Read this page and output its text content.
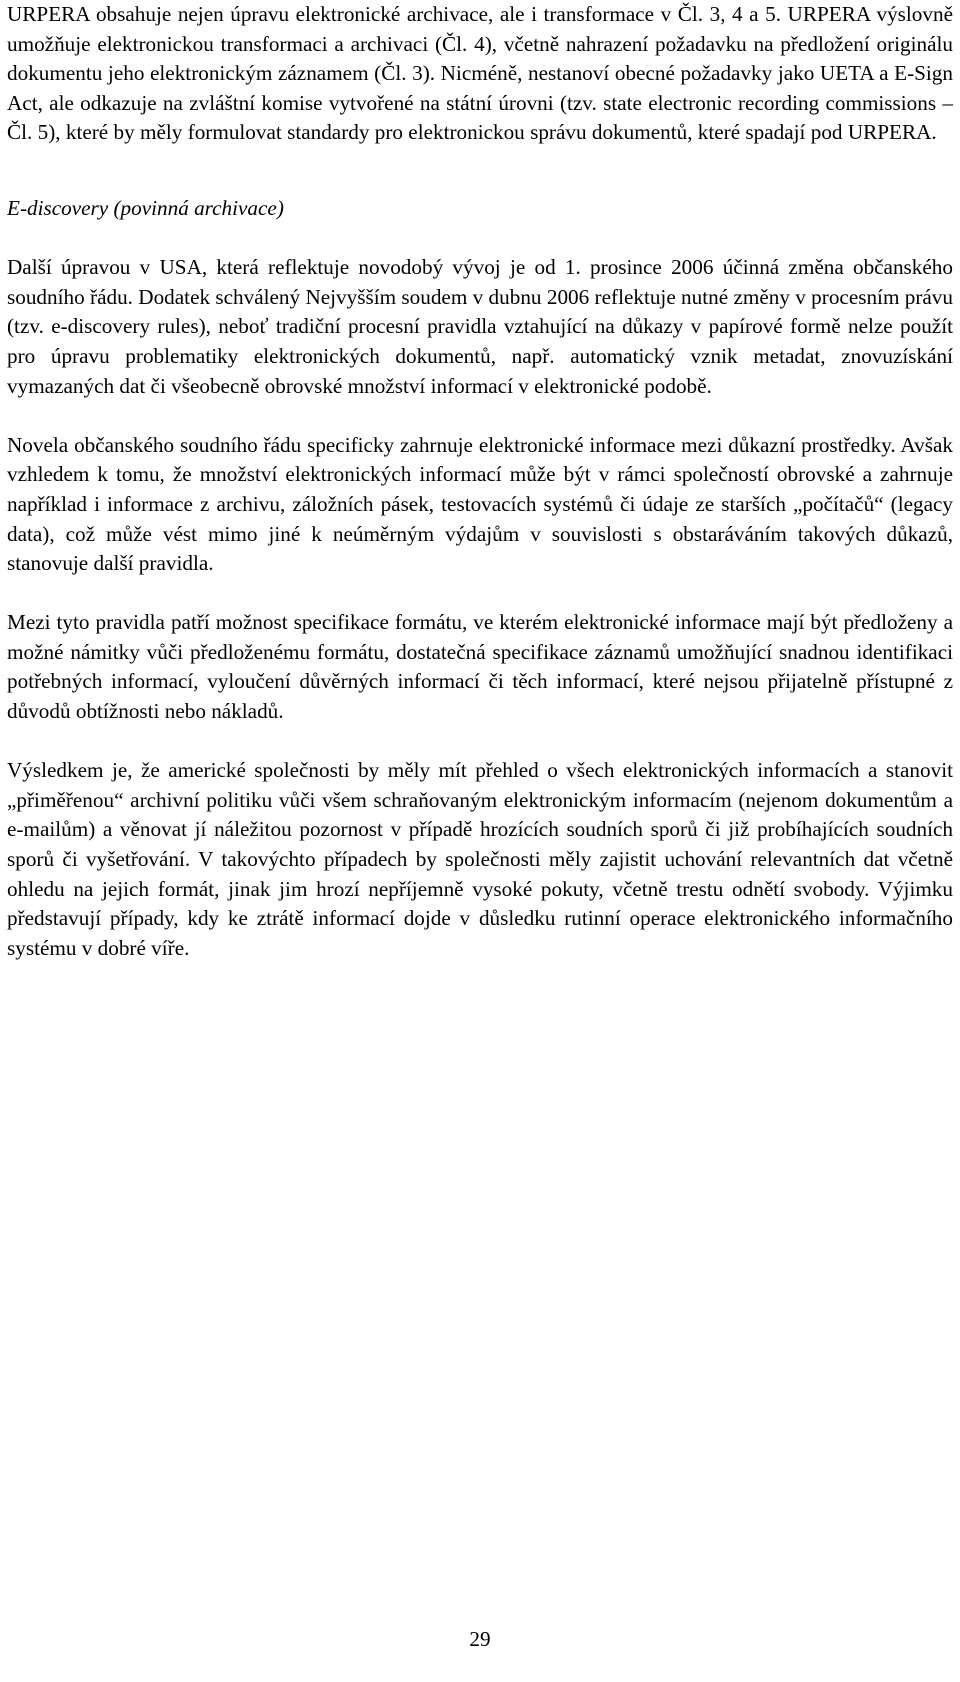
URPERA obsahuje nejen úpravu elektronické archivace, ale i transformace v Čl. 3, 4 a 5. URPERA výslovně umožňuje elektronickou transformaci a archivaci (Čl. 4), včetně nahrazení požadavku na předložení originálu dokumentu jeho elektronickým záznamem (Čl. 3). Nicméně, nestanoví obecné požadavky jako UETA a E-Sign Act, ale odkazuje na zvláštní komise vytvořené na státní úrovni (tzv. state electronic recording commissions – Čl. 5), které by měly formulovat standardy pro elektronickou správu dokumentů, které spadají pod URPERA.

E-discovery (povinná archivace)

Další úpravou v USA, která reflektuje novodobý vývoj je od 1. prosince 2006 účinná změna občanského soudního řádu. Dodatek schválený Nejvyšším soudem v dubnu 2006 reflektuje nutné změny v procesním právu (tzv. e-discovery rules), neboť tradiční procesní pravidla vztahující na důkazy v papírové formě nelze použít pro úpravu problematiky elektronických dokumentů, např. automatický vznik metadat, znovuzískání vymazaných dat či všeobecně obrovské množství informací v elektronické podobě.

Novela občanského soudního řádu specificky zahrnuje elektronické informace mezi důkazní prostředky. Avšak vzhledem k tomu, že množství elektronických informací může být v rámci společností obrovské a zahrnuje například i informace z archivu, záložních pásek, testovacích systémů či údaje ze starších „počítačů“ (legacy data), což může vést mimo jiné k neúměrným výdajům v souvislosti s obstaráváním takových důkazů, stanovuje další pravidla.

Mezi tyto pravidla patří možnost specifikace formátu, ve kterém elektronické informace mají být předloženy a možné námitky vůči předloženému formátu, dostatečná specifikace záznamů umožňující snadnou identifikaci potřebných informací, vyloučení důvěrných informací či těch informací, které nejsou přijatelně přístupné z důvodů obtížnosti nebo nákladů.

Výsledkem je, že americké společnosti by měly mít přehled o všech elektronických informacích a stanovit „přiměřenou“ archivní politiku vůči všem schraňovaným elektronickým informacím (nejenom dokumentům a e-mailům) a věnovat jí náležitou pozornost v případě hrozících soudních sporů či již probíhajících soudních sporů či vyšetřování. V takovýchto případech by společnosti měly zajistit uchování relevantních dat včetně ohledu na jejich formát, jinak jim hrozí nepříjemně vysoké pokuty, včetně trestu odnětí svobody. Výjimku představují případy, kdy ke ztrátě informací dojde v důsledku rutinní operace elektronického informačního systému v dobré víře.

29
